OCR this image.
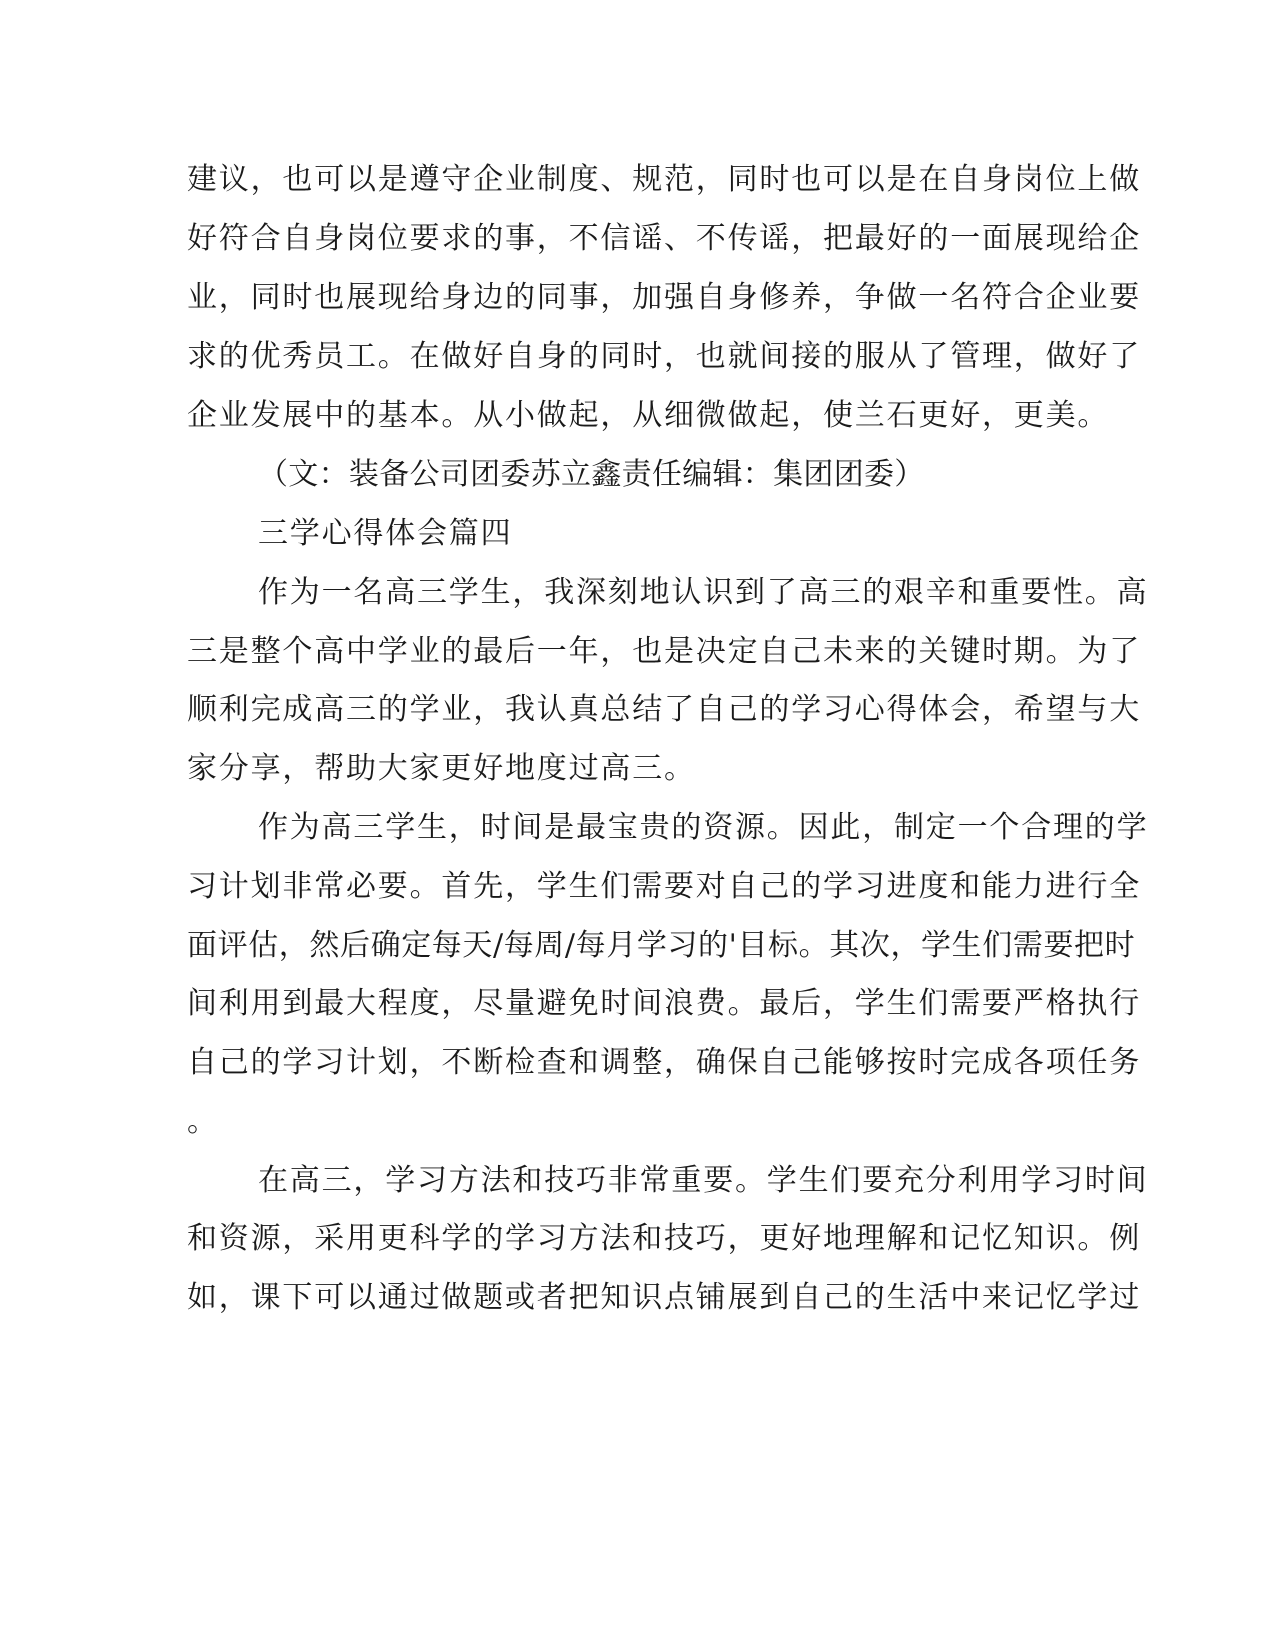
建议，也可以是遵守企业制度、规范，同时也可以是在自身岗位上做
好符合自身岗位要求的事，不信谣、不传谣，把最好的一面展现给企
业，同时也展现给身边的同事，加强自身修养，争做一名符合企业要
求的优秀员工。在做好自身的同时，也就间接的服从了管理，做好了
企业发展中的基本。从小做起，从细微做起，使兰石更好，更美。
（文：装备公司团委苏立鑫责任编辑：集团团委）
三学心得体会篇四
作为一名高三学生，我深刻地认识到了高三的艰辛和重要性。高
三是整个高中学业的最后一年，也是决定自己未来的关键时期。为了
顺利完成高三的学业，我认真总结了自己的学习心得体会，希望与大
家分享，帮助大家更好地度过高三。
作为高三学生，时间是最宝贵的资源。因此，制定一个合理的学
习计划非常必要。首先，学生们需要对自己的学习进度和能力进行全
面评估，然后确定每天/每周/每月学习的'目标。其次，学生们需要把时
间利用到最大程度，尽量避免时间浪费。最后，学生们需要严格执行
自己的学习计划，不断检查和调整，确保自己能够按时完成各项任务
。
在高三，学习方法和技巧非常重要。学生们要充分利用学习时间
和资源，采用更科学的学习方法和技巧，更好地理解和记忆知识。例
如，课下可以通过做题或者把知识点铺展到自己的生活中来记忆学过
